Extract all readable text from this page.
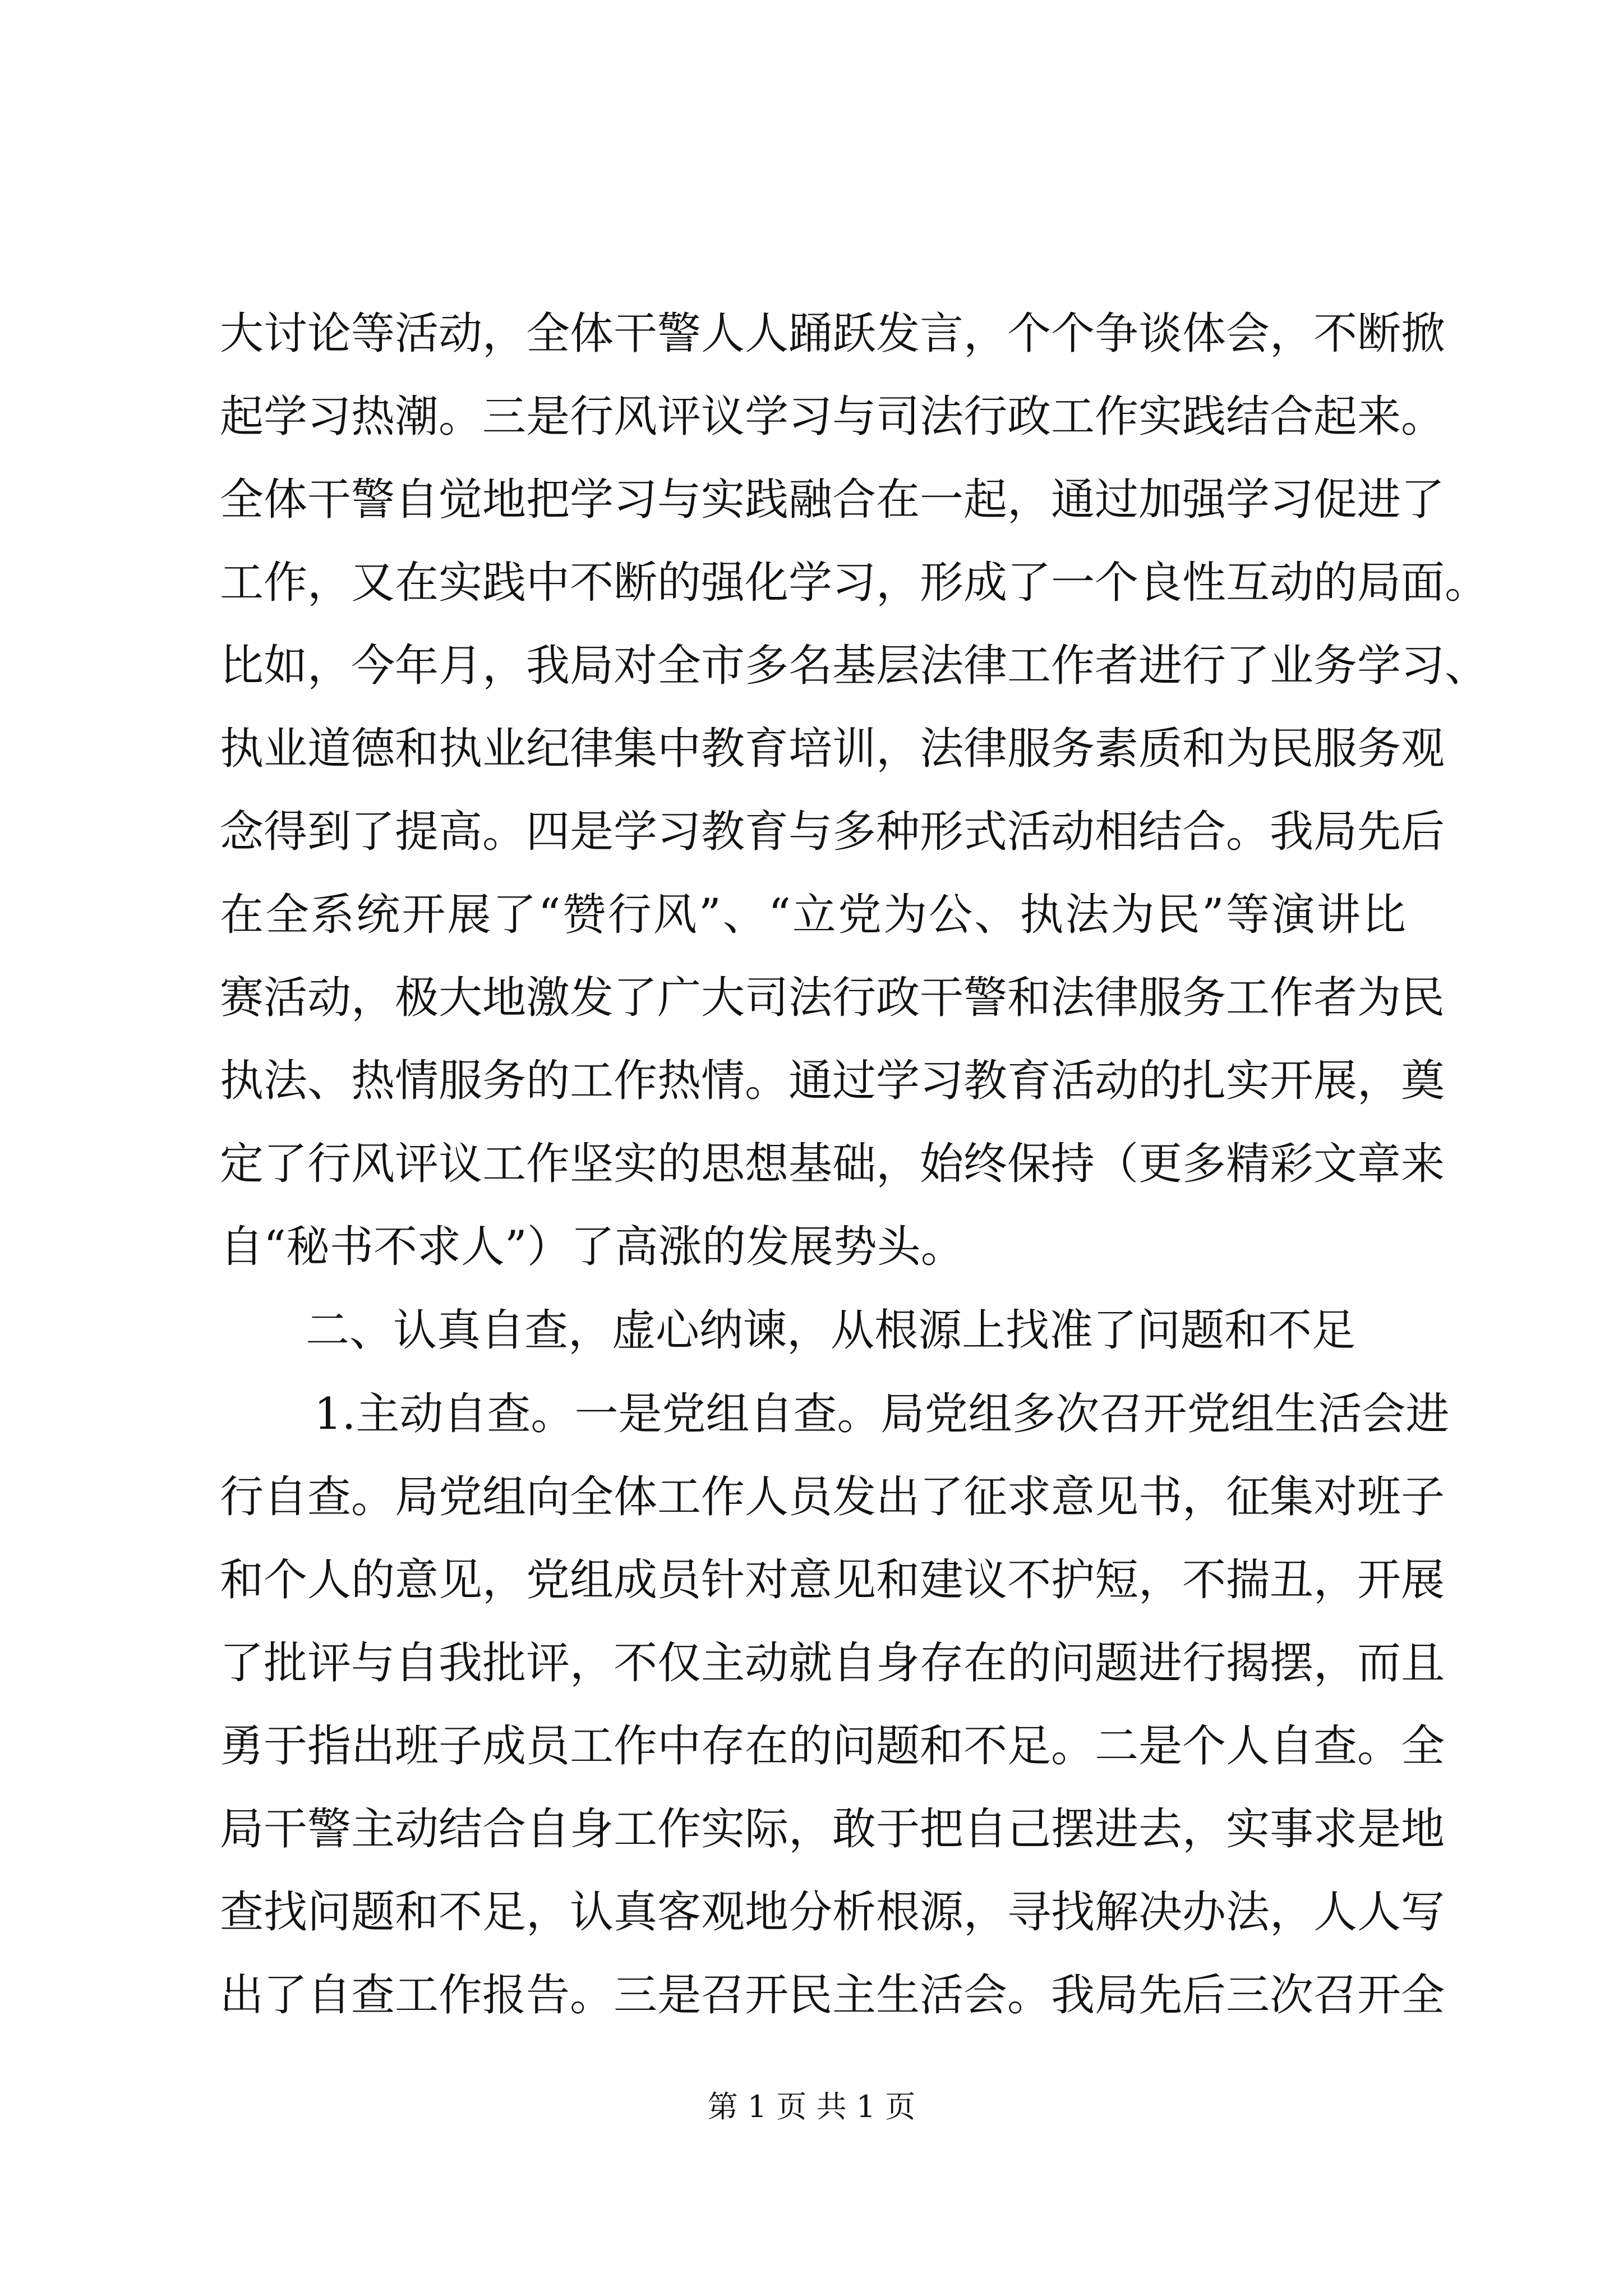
大讨论等活动，全体干警人人踊跃发言，个个争谈体会，不断掀
起学习热潮。三是行风评议学习与司法行政工作实践结合起来。
全体干警自觉地把学习与实践融合在一起，通过加强学习促进了
工作，又在实践中不断的强化学习，形成了一个良性互动的局面。
比如，今年月，我局对全市多名基层法律工作者进行了业务学习、
执业道德和执业纪律集中教育培训，法律服务素质和为民服务观
念得到了提高。四是学习教育与多种形式活动相结合。我局先后
在全系统开展了“赞行风”、“立党为公、执法为民”等演讲比
赛活动，极大地激发了广大司法行政干警和法律服务工作者为民
执法、热情服务的工作热情。通过学习教育活动的扎实开展，奠
定了行风评议工作坚实的思想基础，始终保持（更多精彩文章来
自“秘书不求人”）了高涨的发展势头。
二、认真自查，虚心纳谏，从根源上找准了问题和不足
1.主动自查。一是党组自查。局党组多次召开党组生活会进
行自查。局党组向全体工作人员发出了征求意见书，征集对班子
和个人的意见，党组成员针对意见和建议不护短，不揣丑，开展
了批评与自我批评，不仅主动就自身存在的问题进行揭摆，而且
勇于指出班子成员工作中存在的问题和不足。二是个人自查。全
局干警主动结合自身工作实际，敢于把自己摆进去，实事求是地
查找问题和不足，认真客观地分析根源，寻找解决办法，人人写
出了自查工作报告。三是召开民主生活会。我局先后三次召开全
第 1 页 共 1 页
